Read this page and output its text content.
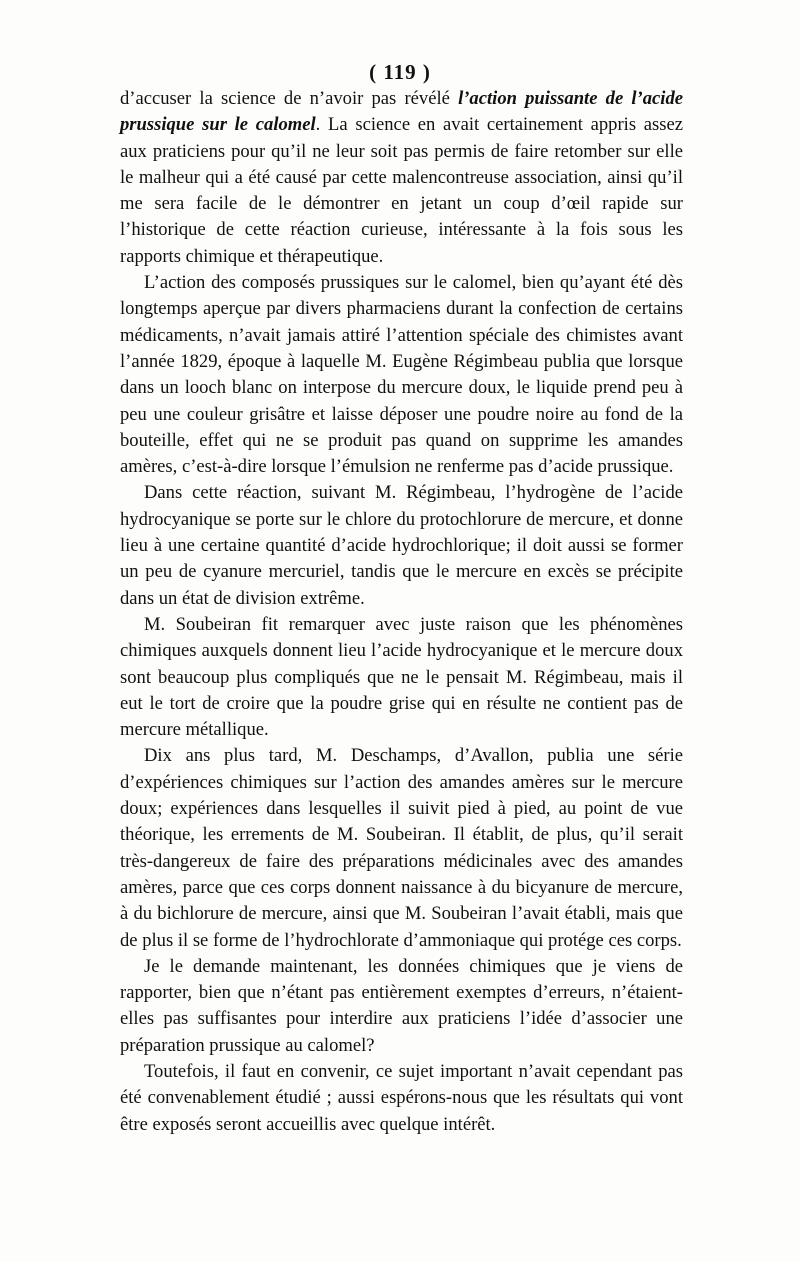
( 119 )

d’accuser la science de n’avoir pas révélé l’action puissante de l’acide prussique sur le calomel. La science en avait certainement appris assez aux praticiens pour qu’il ne leur soit pas permis de faire retomber sur elle le malheur qui a été causé par cette malencontreuse association, ainsi qu’il me sera facile de le démontrer en jetant un coup d’œil rapide sur l’historique de cette réaction curieuse, intéressante à la fois sous les rapports chimique et thérapeutique.

L’action des composés prussiques sur le calomel, bien qu’ayant été dès longtemps aperçue par divers pharmaciens durant la confection de certains médicaments, n’avait jamais attiré l’attention spéciale des chimistes avant l’année 1829, époque à laquelle M. Eugène Régimbeau publia que lorsque dans un looch blanc on interpose du mercure doux, le liquide prend peu à peu une couleur grisâtre et laisse déposer une poudre noire au fond de la bouteille, effet qui ne se produit pas quand on supprime les amandes amères, c’est-à-dire lorsque l’émulsion ne renferme pas d’acide prussique.

Dans cette réaction, suivant M. Régimbeau, l’hydrogène de l’acide hydrocyanique se porte sur le chlore du protochlorure de mercure, et donne lieu à une certaine quantité d’acide hydrochlorique; il doit aussi se former un peu de cyanure mercuriel, tandis que le mercure en excès se précipite dans un état de division extrême.

M. Soubeiran fit remarquer avec juste raison que les phénomènes chimiques auxquels donnent lieu l’acide hydrocyanique et le mercure doux sont beaucoup plus compliqués que ne le pensait M. Régimbeau, mais il eut le tort de croire que la poudre grise qui en résulte ne contient pas de mercure métallique.

Dix ans plus tard, M. Deschamps, d’Avallon, publia une série d’expériences chimiques sur l’action des amandes amères sur le mercure doux; expériences dans lesquelles il suivit pied à pied, au point de vue théorique, les errements de M. Soubeiran. Il établit, de plus, qu’il serait très-dangereux de faire des préparations médicinales avec des amandes amères, parce que ces corps donnent naissance à du bicyanure de mercure, à du bichlorure de mercure, ainsi que M. Soubeiran l’avait établi, mais que de plus il se forme de l’hydrochlorate d’ammoniaque qui protége ces corps.

Je le demande maintenant, les données chimiques que je viens de rapporter, bien que n’étant pas entièrement exemptes d’erreurs, n’étaient-elles pas suffisantes pour interdire aux praticiens l’idée d’associer une préparation prussique au calomel?

Toutefois, il faut en convenir, ce sujet important n’avait cependant pas été convenablement étudié ; aussi espérons-nous que les résultats qui vont être exposés seront accueillis avec quelque intérêt.
